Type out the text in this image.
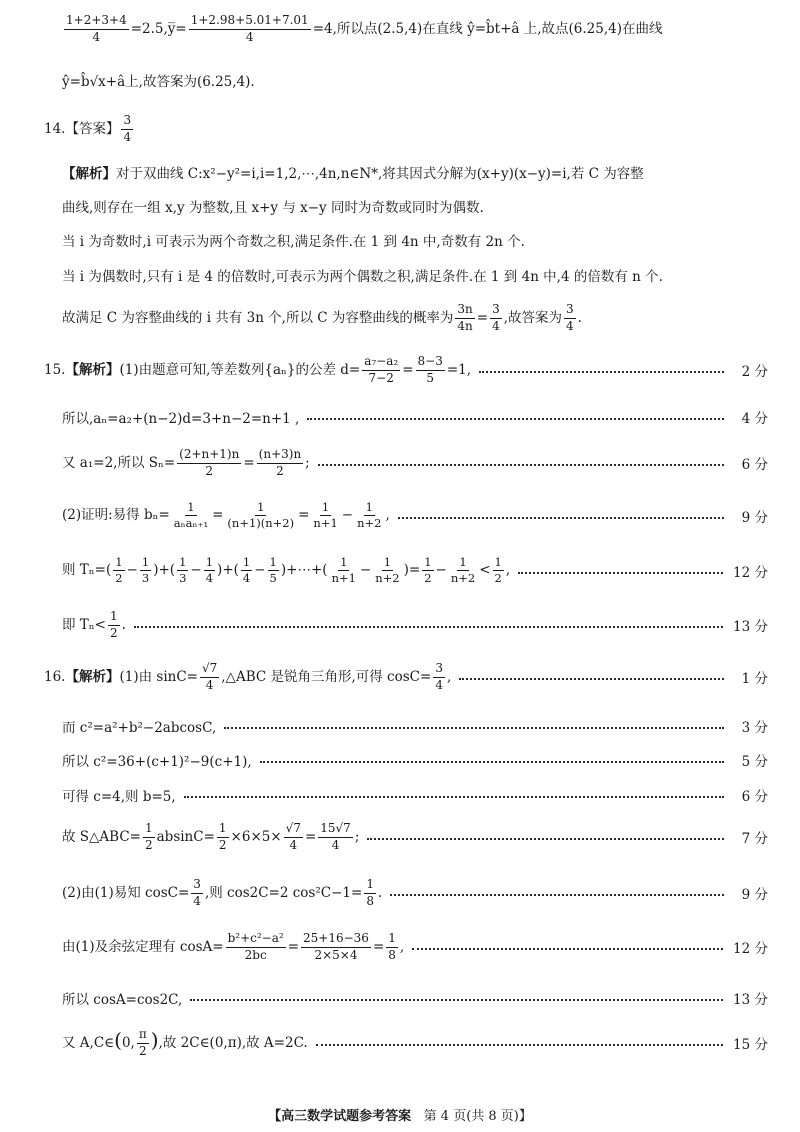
$\frac{1+2+3+4}{4}$ =2.5,y̅= $\frac{1+2.98+5.01+7.01}{4} =4$,所以点(2.5,4)在直线 ŷ=b̂t+â 上,故点(6.25,4)在曲线
ŷ=b̂√x+â上,故答案为(6.25,4).
14.【答案】 $\frac{3}{4}$
【解析】对于双曲线 C:x²−y²=i,i=1,2,⋯,4n,n∈N*,将其因式分解为(x+y)(x−y)=i,若 C 为容整
曲线,则存在一组 x,y 为整数,且 x+y 与 x−y 同时为奇数或同时为偶数.
当 i 为奇数时,i 可表示为两个奇数之积,满足条件.在 1 到 4n 中,奇数有 2n 个.
当 i 为偶数时,只有 i 是 4 的倍数时,可表示为两个偶数之积,满足条件.在 1 到 4n 中,4 的倍数有 n 个.
故满足 C 为容整曲线的 i 共有 3n 个,所以 C 为容整曲线的概率为 $\frac{3n}{4n} = \frac{3}{4}$ ,故答案为 $\frac{3}{4}$ .
15.【解析】(1)由题意可知,等差数列{aₙ}的公差 $d= \frac{\text{a₇−a₂}}{7-2} = \frac{8-3}{5} =1$,	2 分
所以,aₙ=a₂+(n−2)d=3+n−2=n+1 ,	4 分
又 a₁=2,所以 $S_n= \frac{(2+n+1)n}{2} = \frac{(n+3)n}{2}$ ;	6 分
(2)证明:易得 $b_n= \frac{1}{\text{aₙaₙ₊₁}} = \frac{1}{(n+1)(n+2)} = \frac{1}{n+1} - \frac{1}{n+2}$ ,	9 分
则 $T_n=( \frac{1}{2} - \frac{1}{3}$ )+( $\frac{1}{3} - \frac{1}{4}$ )+( $\frac{1}{4} - \frac{1}{5}$ )+⋯+( $\frac{1}{n+1} - \frac{1}{n+2}$ )= $\frac{1}{2} - \frac{1}{n+2} < \frac{1}{2}$ ,	12 分
即 $T_n< \frac{1}{2}$ .	13 分
16.【解析】(1)由 $\sin C= \frac{√7}{4}$ ,△ABC 是锐角三角形,可得 $\cos C= \frac{3}{4}$ ,	1 分
而 c²=a²+b²−2abcosC,	3 分
所以 c²=36+(c+1)²−9(c+1),	5 分
可得 c=4,则 b=5,	6 分
故 S△ABC= $\frac{1}{2} absinC= \frac{1}{2} \times 6\times 5\times \frac{√7}{4} = \frac{15√7}{4}$ ;	7 分
(2)由(1)易知 $\cos C= \frac{3}{4}$ ,则 cos2C=2 $\cos^2C-1= \frac{1}{8}$ .	9 分
由(1)及余弦定理有 $\cos A= \frac{\text{b²+c²−a²}}{2bc} = \frac{25+16-36}{2\times 5\times 4} = \frac{1}{8}$ ,	12 分
所以 cosA=cos2C,	13 分
又 A,C∈(0, $\frac{\pi}{2}$ ),故 2C∈(0,π),故 A=2C.	15 分
【高三数学试题参考答案 第 4 页(共 8 页)】
